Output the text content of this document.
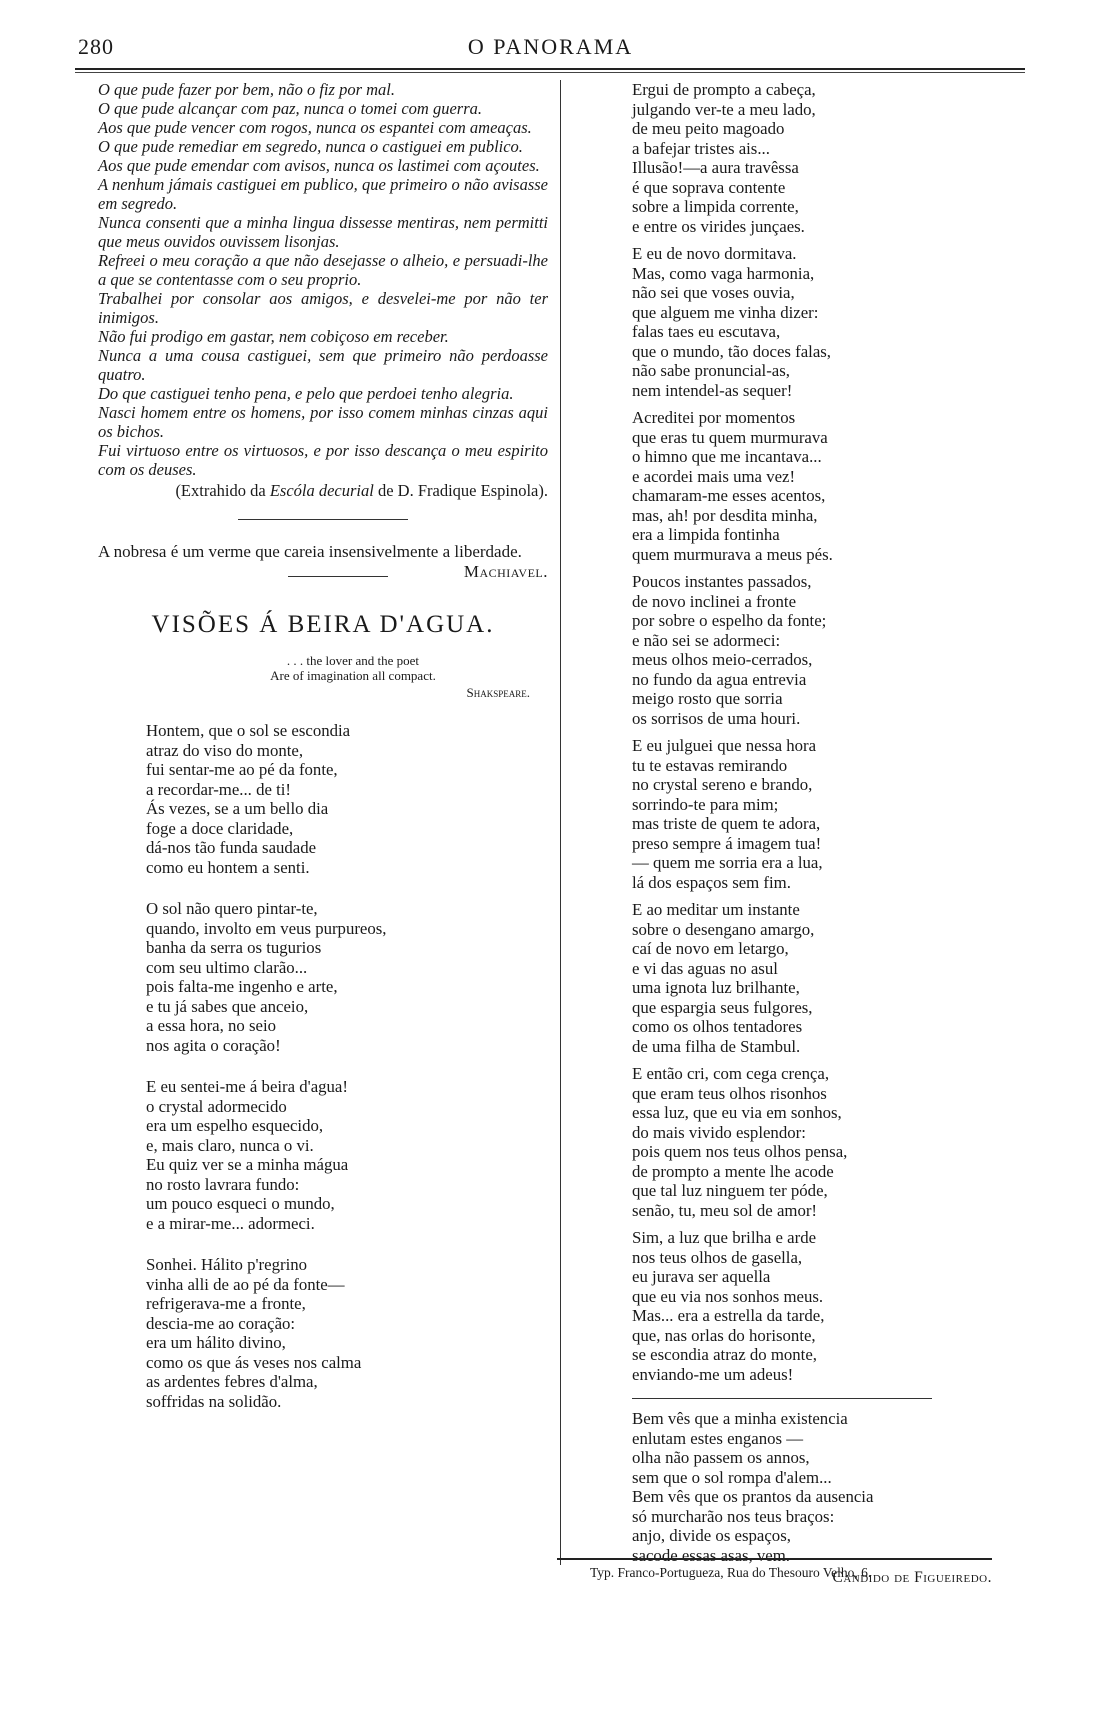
280	O PANORAMA

O que pude fazer por bem, não o fiz por mal.

O que pude alcançar com paz, nunca o tomei com guerra.

Aos que pude vencer com rogos, nunca os espantei com ameaças.

O que pude remediar em segredo, nunca o castiguei em publico.

Aos que pude emendar com avisos, nunca os lastimei com açoutes.

A nenhum jámais castiguei em publico, que primeiro o não avisasse em segredo.

Nunca consenti que a minha lingua dissesse mentiras, nem permitti que meus ouvidos ouvissem lisonjas.

Refreei o meu coração a que não desejasse o alheio, e persuadi-lhe a que se contentasse com o seu proprio.

Trabalhei por consolar aos amigos, e desvelei-me por não ter inimigos.

Não fui prodigo em gastar, nem cobiçoso em receber.

Nunca a uma cousa castiguei, sem que primeiro não perdoasse quatro.

Do que castiguei tenho pena, e pelo que perdoei tenho alegria.

Nasci homem entre os homens, por isso comem minhas cinzas aqui os bichos.

Fui virtuoso entre os virtuosos, e por isso descança o meu espirito com os deuses.

(Extrahido da Escóla decurial de D. Fradique Espinola).

A nobresa é um verme que careia insensivelmente a liberdade.
Machiavel.

VISÕES Á BEIRA D'AGUA.
. . . the lover and the poet
Are of imagination all compact.
Shakspeare.
Hontem, que o sol se escondia
atraz do viso do monte,
fui sentar-me ao pé da fonte,
a recordar-me... de ti!
Ás vezes, se a um bello dia
foge a doce claridade,
dá-nos tão funda saudade
como eu hontem a senti.
O sol não quero pintar-te,
quando, involto em veus purpureos,
banha da serra os tugurios
com seu ultimo clarão...
pois falta-me ingenho e arte,
e tu já sabes que anceio,
a essa hora, no seio
nos agita o coração!
E eu sentei-me á beira d'agua!
o crystal adormecido
era um espelho esquecido,
e, mais claro, nunca o vi.
Eu quiz ver se a minha mágua
no rosto lavrara fundo:
um pouco esqueci o mundo,
e a mirar-me... adormeci.
Sonhei. Hálito p'regrino
vinha alli de ao pé da fonte—
refrigerava-me a fronte,
descia-me ao coração:
era um hálito divino,
como os que ás veses nos calma
as ardentes febres d'alma,
soffridas na solidão.
Ergui de prompto a cabeça,
julgando ver-te a meu lado,
de meu peito magoado
a bafejar tristes ais...
Illusão!—a aura travêssa
é que soprava contente
sobre a limpida corrente,
e entre os virides junçaes.
E eu de novo dormitava.
Mas, como vaga harmonia,
não sei que voses ouvia,
que alguem me vinha dizer:
falas taes eu escutava,
que o mundo, tão doces falas,
não sabe pronuncial-as,
nem intendel-as sequer!
Acreditei por momentos
que eras tu quem murmurava
o himno que me incantava...
e acordei mais uma vez!
chamaram-me esses acentos,
mas, ah! por desdita minha,
era a limpida fontinha
quem murmurava a meus pés.
Poucos instantes passados,
de novo inclinei a fronte
por sobre o espelho da fonte;
e não sei se adormeci:
meus olhos meio-cerrados,
no fundo da agua entrevia
meigo rosto que sorria
os sorrisos de uma houri.
E eu julguei que nessa hora
tu te estavas remirando
no crystal sereno e brando,
sorrindo-te para mim;
mas triste de quem te adora,
preso sempre á imagem tua!
— quem me sorria era a lua,
lá dos espaços sem fim.
E ao meditar um instante
sobre o desengano amargo,
caí de novo em letargo,
e vi das aguas no asul
uma ignota luz brilhante,
que espargia seus fulgores,
como os olhos tentadores
de uma filha de Stambul.
E então cri, com cega crença,
que eram teus olhos risonhos
essa luz, que eu via em sonhos,
do mais vivido esplendor:
pois quem nos teus olhos pensa,
de prompto a mente lhe acode
que tal luz ninguem ter póde,
senão, tu, meu sol de amor!
Sim, a luz que brilha e arde
nos teus olhos de gasella,
eu jurava ser aquella
que eu via nos sonhos meus.
Mas... era a estrella da tarde,
que, nas orlas do horisonte,
se escondia atraz do monte,
enviando-me um adeus!
Bem vês que a minha existencia
enlutam estes enganos —
olha não passem os annos,
sem que o sol rompa d'alem...
Bem vês que os prantos da ausencia
só murcharão nos teus braços:
anjo, divide os espaços,
sacode essas asas, vem.
Candido de Figueiredo.
Typ. Franco-Portugueza, Rua do Thesouro Velho, 6.
